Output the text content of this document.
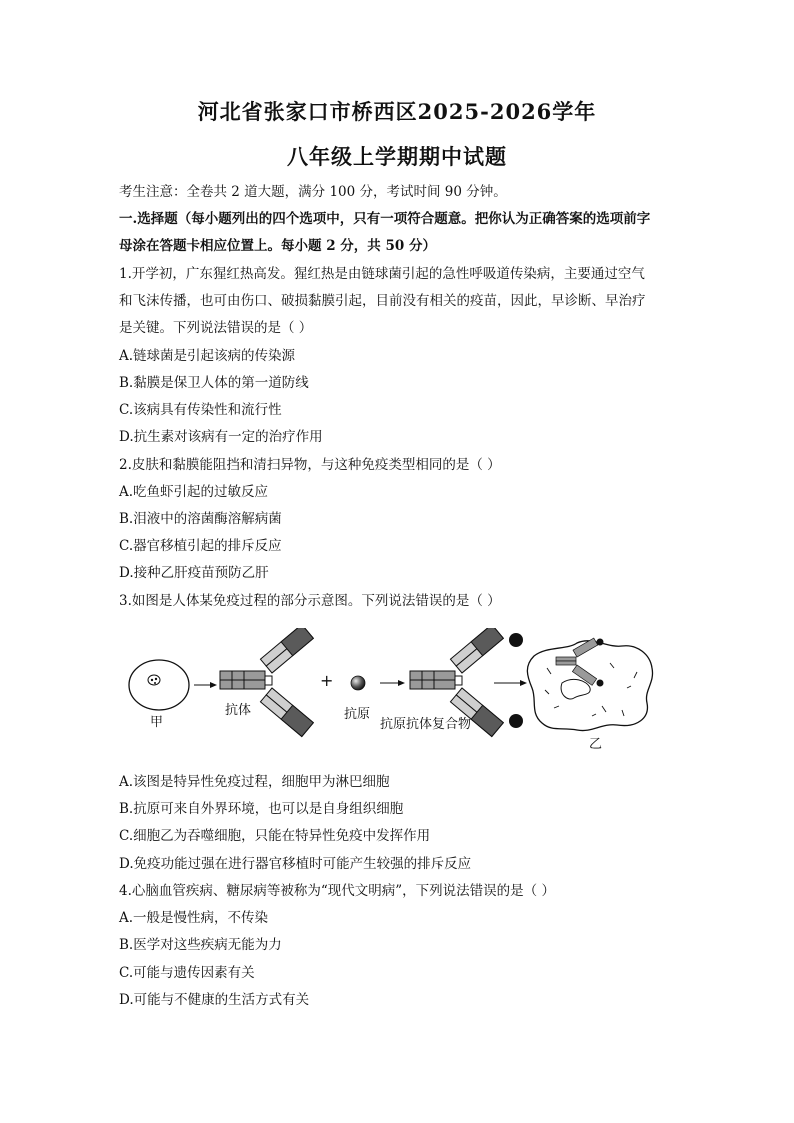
河北省张家口市桥西区2025-2026学年
八年级上学期期中试题
考生注意：全卷共 2 道大题，满分 100 分，考试时间 90 分钟。
一.选择题（每小题列出的四个选项中，只有一项符合题意。把你认为正确答案的选项前字
母涂在答题卡相应位置上。每小题 2 分，共 50 分）
1.开学初，广东猩红热高发。猩红热是由链球菌引起的急性呼吸道传染病，主要通过空气
和飞沫传播，也可由伤口、破损黏膜引起，目前没有相关的疫苗，因此，早诊断、早治疗
是关键。下列说法错误的是（ ）
A.链球菌是引起该病的传染源
B.黏膜是保卫人体的第一道防线
C.该病具有传染性和流行性
D.抗生素对该病有一定的治疗作用
2.皮肤和黏膜能阻挡和清扫异物，与这种免疫类型相同的是（ ）
A.吃鱼虾引起的过敏反应
B.泪液中的溶菌酶溶解病菌
C.器官移植引起的排斥反应
D.接种乙肝疫苗预防乙肝
3.如图是人体某免疫过程的部分示意图。下列说法错误的是（ ）
甲
抗体
+
抗原
抗原抗体复合物
乙
A.该图是特异性免疫过程，细胞甲为淋巴细胞
B.抗原可来自外界环境，也可以是自身组织细胞
C.细胞乙为吞噬细胞，只能在特异性免疫中发挥作用
D.免疫功能过强在进行器官移植时可能产生较强的排斥反应
4.心脑血管疾病、糖尿病等被称为“现代文明病”，下列说法错误的是（ ）
A.一般是慢性病，不传染
B.医学对这些疾病无能为力
C.可能与遗传因素有关
D.可能与不健康的生活方式有关
